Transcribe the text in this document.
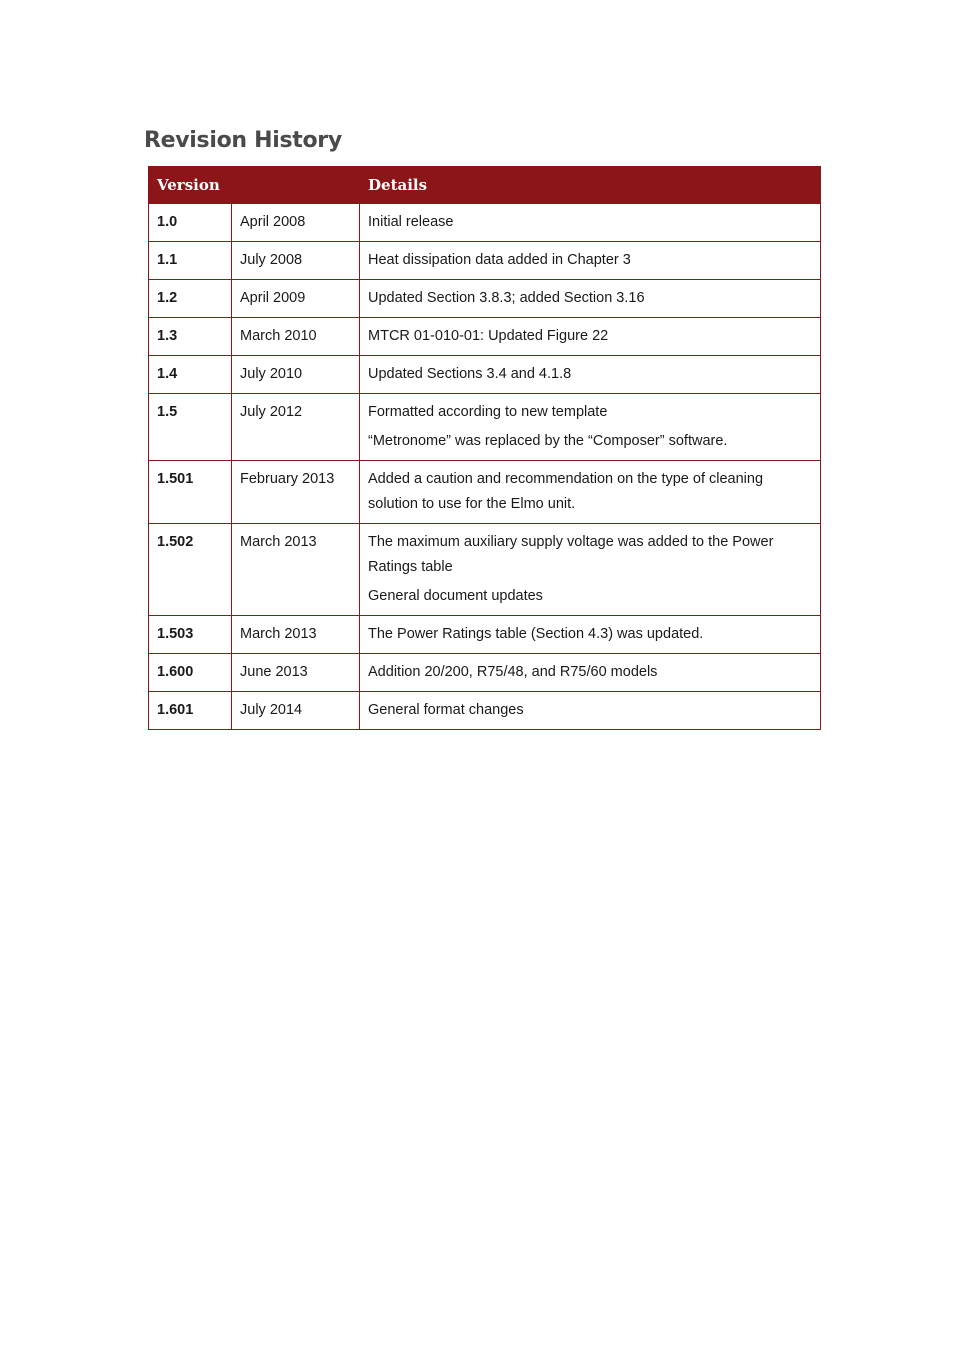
Revision History
Version		Details
1.0	April 2008	Initial release
1.1	July 2008	Heat dissipation data added in Chapter 3
1.2	April 2009	Updated Section 3.8.3; added Section 3.16
1.3	March 2010	MTCR 01-010-01: Updated Figure 22
1.4	July 2010	Updated Sections 3.4 and 4.1.8
1.5	July 2012	Formatted according to new template
“Metronome” was replaced by the “Composer” software.

1.501	February 2013	Added a caution and recommendation on the type of cleaning solution to use for the Elmo unit.

1.502	March 2013	The maximum auxiliary supply voltage was added to the Power Ratings table
General document updates

1.503	March 2013	The Power Ratings table (Section 4.3) was updated.
1.600	June 2013	Addition 20/200, R75/48, and R75/60 models
1.601	July 2014	General format changes
